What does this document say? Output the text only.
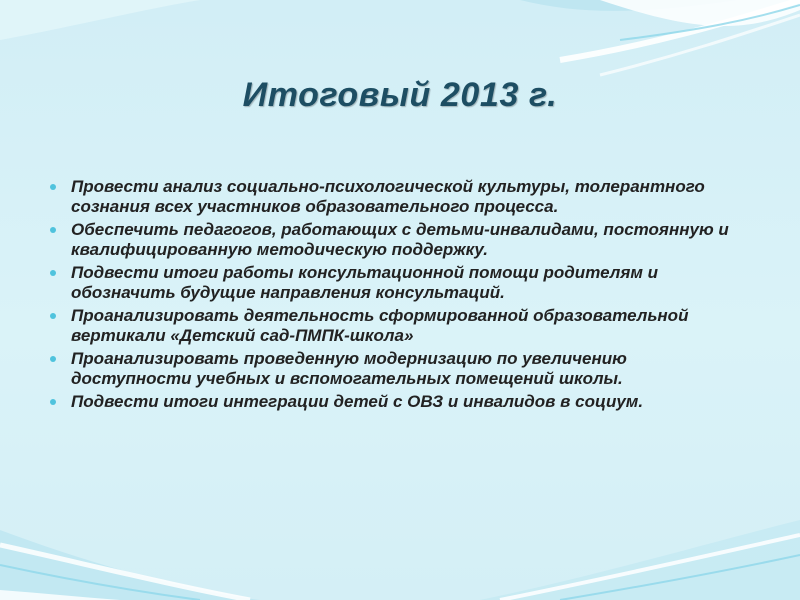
Итоговый 2013 г.
Провести анализ социально-психологической культуры, толерантного сознания всех участников образовательного процесса.
Обеспечить педагогов, работающих с детьми-инвалидами, постоянную и квалифицированную методическую поддержку.
Подвести итоги работы консультационной помощи родителям и обозначить будущие направления консультаций.
Проанализировать деятельность сформированной образовательной вертикали «Детский сад-ПМПК-школа»
Проанализировать проведенную модернизацию по увеличению доступности учебных и вспомогательных помещений школы.
Подвести итоги интеграции детей с ОВЗ и инвалидов в социум.
